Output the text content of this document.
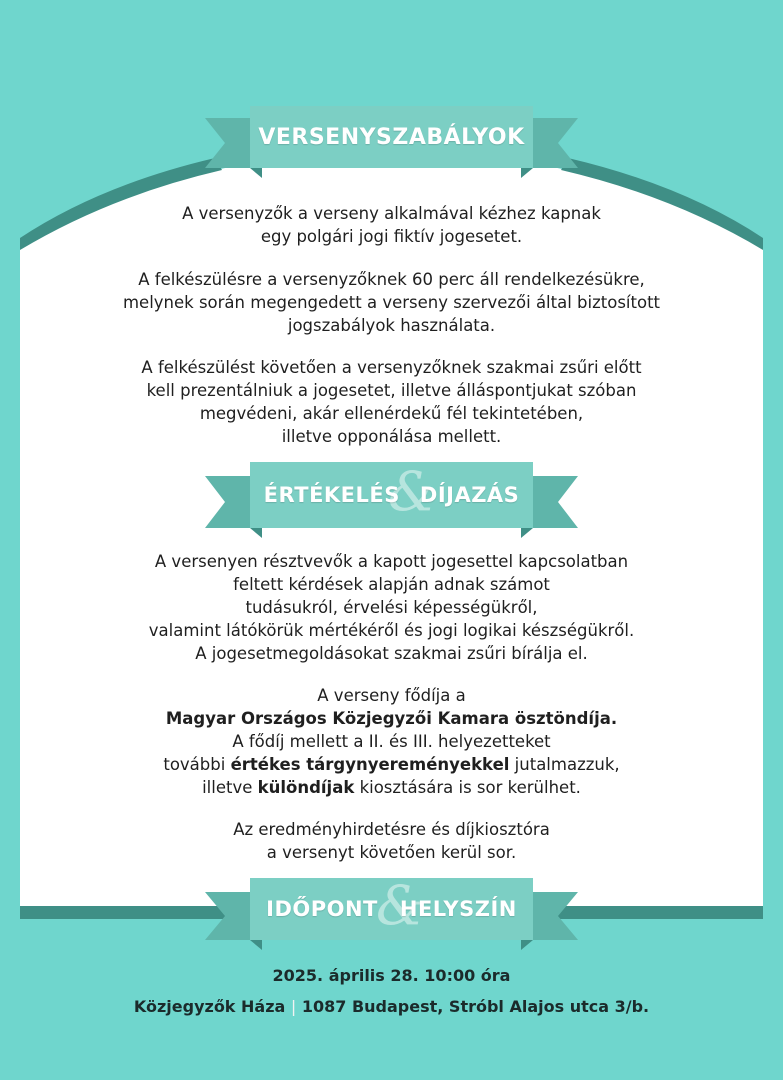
VERSENYSZABÁLYOK
A versenyzők a verseny alkalmával kézhez kapnak
egy polgári jogi fiktív jogesetet.
A felkészülésre a versenyzőknek 60 perc áll rendelkezésükre,
melynek során megengedett a verseny szervezői által biztosított
jogszabályok használata.
A felkészülést követően a versenyzőknek szakmai zsűri előtt
kell prezentálniuk a jogesetet, illetve álláspontjukat szóban
megvédeni, akár ellenérdekű fél tekintetében,
illetve opponálása mellett.
&
ÉRTÉKELÉS DÍJAZÁS
A versenyen résztvevők a kapott jogesettel kapcsolatban
feltett kérdések alapján adnak számot
tudásukról, érvelési képességükről,
valamint látókörük mértékéről és jogi logikai készségükről.
A jogesetmegoldásokat szakmai zsűri bírálja el.
A verseny fődíja a
Magyar Országos Közjegyzői Kamara ösztöndíja.
A fődíj mellett a II. és III. helyezetteket
további értékes tárgynyereményekkel jutalmazzuk,
illetve különdíjak kiosztására is sor kerülhet.
Az eredményhirdetésre és díjkiosztóra
a versenyt követően kerül sor.
&
IDŐPONT HELYSZÍN
2025. április 28. 10:00 óra
Közjegyzők Háza | 1087 Budapest, Stróbl Alajos utca 3/b.
